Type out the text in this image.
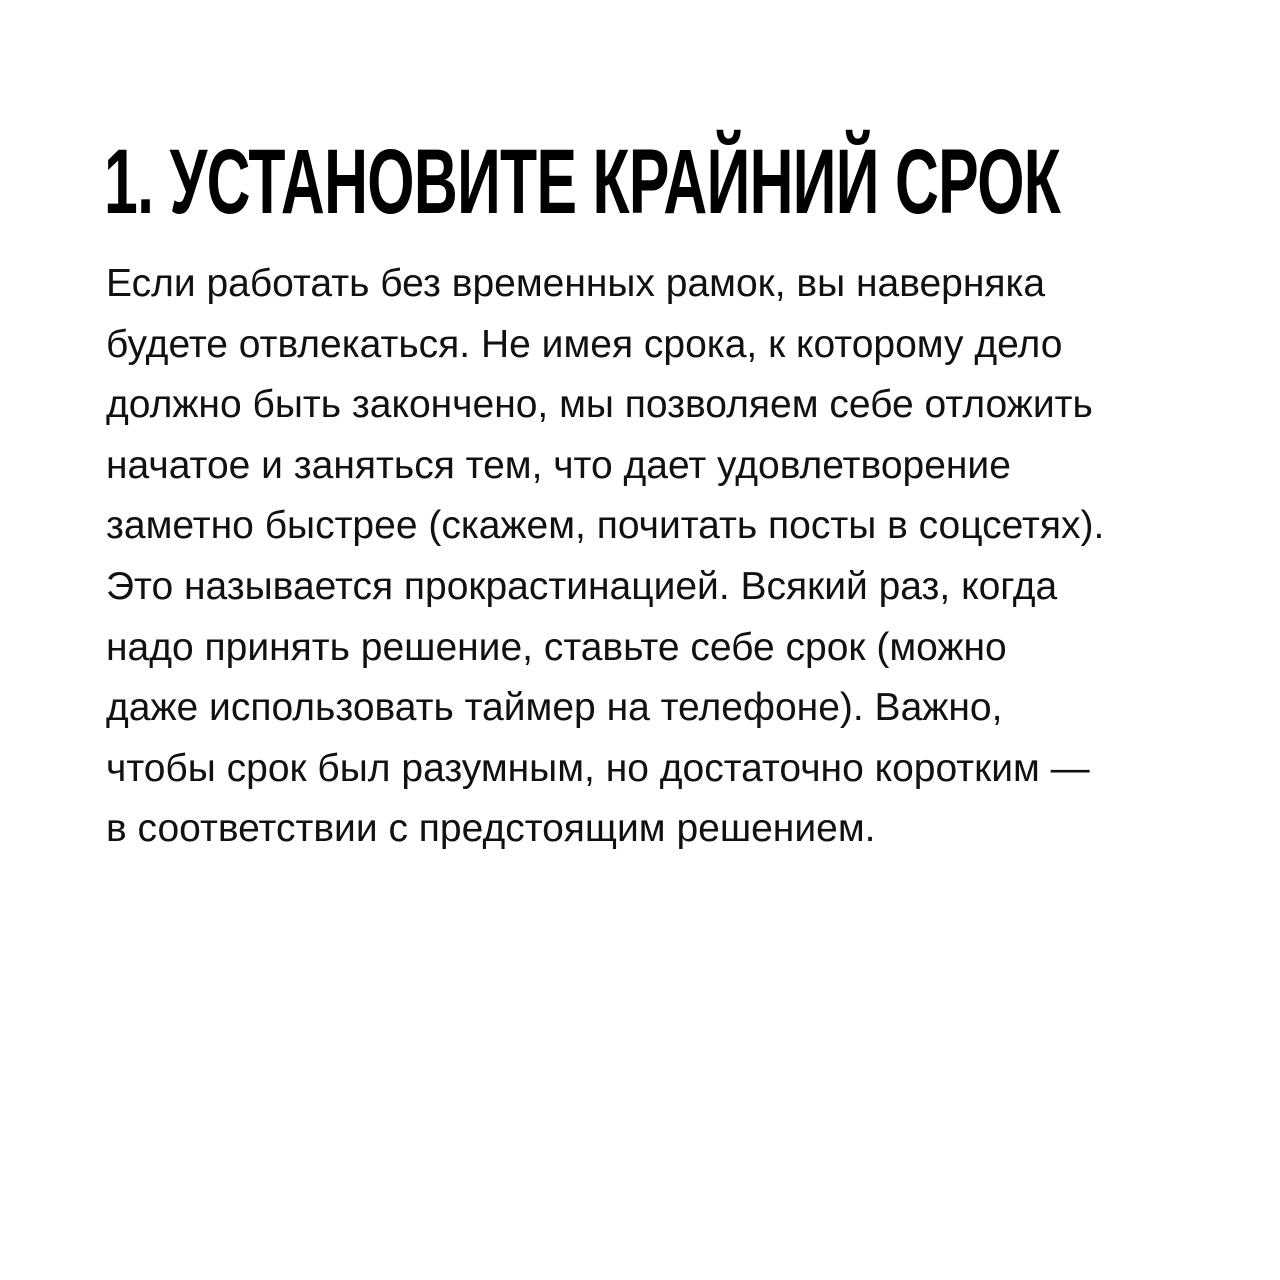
1. УСТАНОВИТЕ КРАЙНИЙ СРОК

Если работать без временных рамок, вы наверняка
будете отвлекаться. Не имея срока, к которому дело
должно быть закончено, мы позволяем себе отложить
начатое и заняться тем, что дает удовлетворение
заметно быстрее (скажем, почитать посты в соцсетях).
Это называется прокрастинацией. Всякий раз, когда
надо принять решение, ставьте себе срок (можно
даже использовать таймер на телефоне). Важно,
чтобы срок был разумным, но достаточно коротким —
в соответствии с предстоящим решением.
